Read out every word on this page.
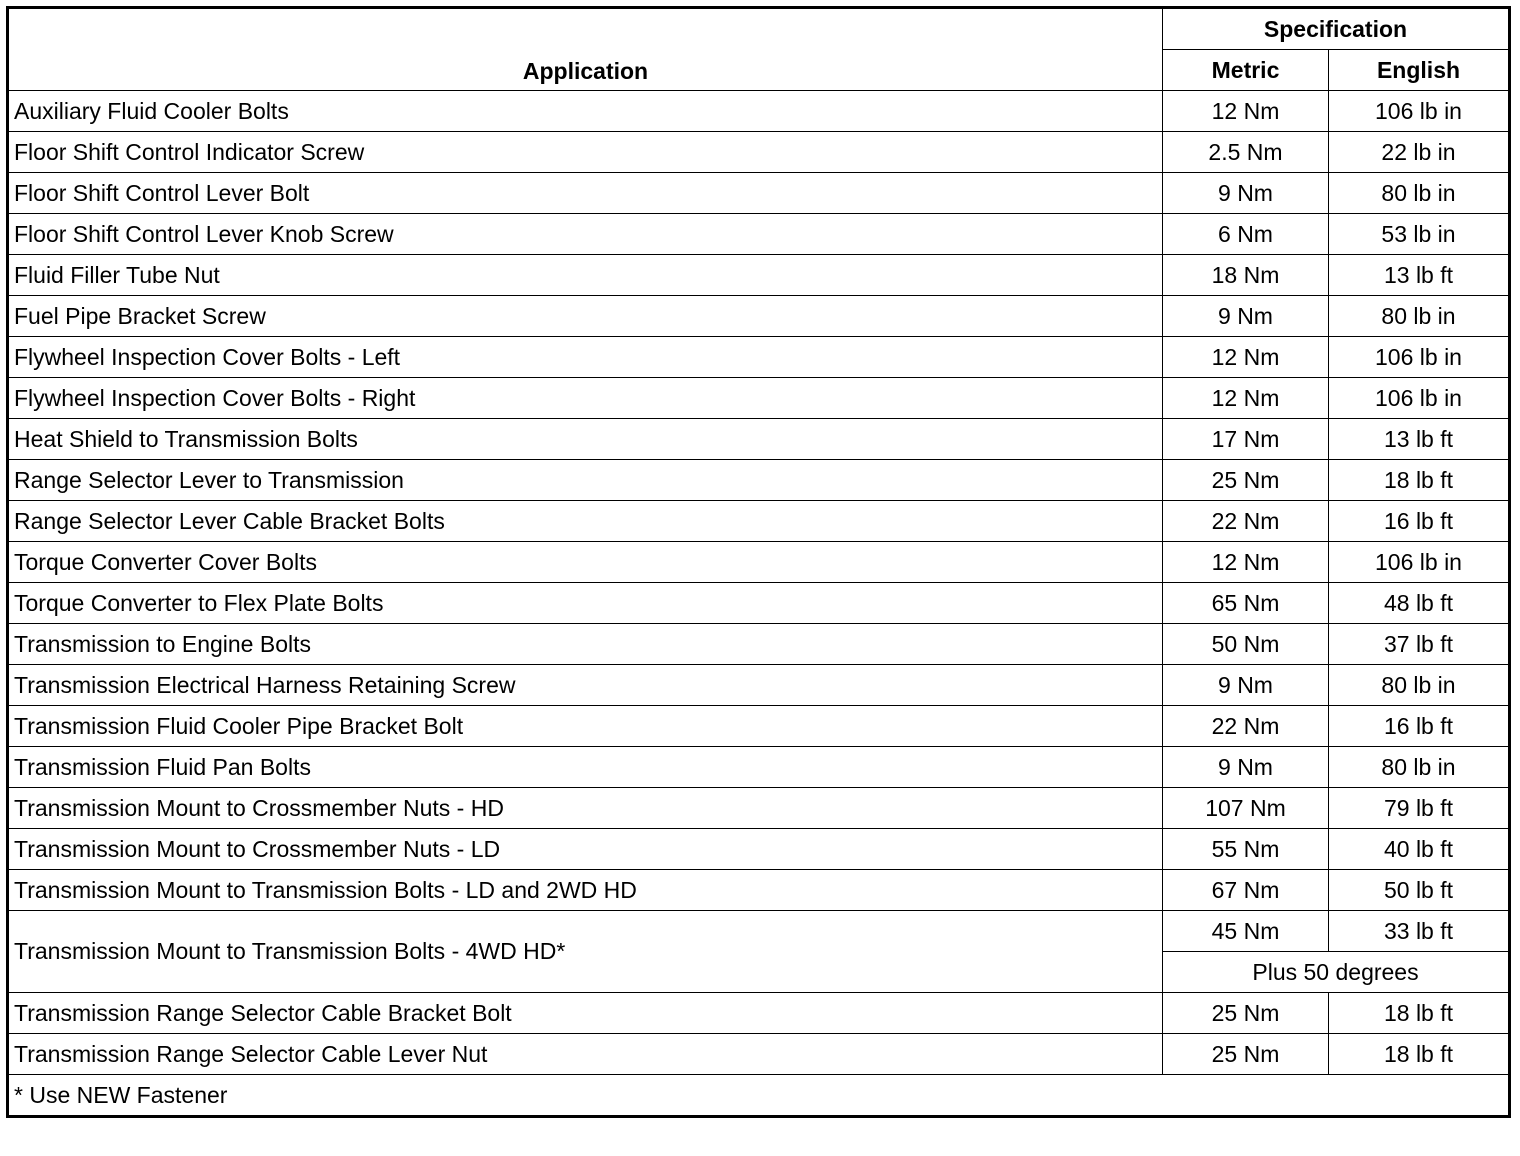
Application	Specification	
	Metric	English
Auxiliary Fluid Cooler Bolts	12 Nm	106 lb in
Floor Shift Control Indicator Screw	2.5 Nm	22 lb in
Floor Shift Control Lever Bolt	9 Nm	80 lb in
Floor Shift Control Lever Knob Screw	6 Nm	53 lb in
Fluid Filler Tube Nut	18 Nm	13 lb ft
Fuel Pipe Bracket Screw	9 Nm	80 lb in
Flywheel Inspection Cover Bolts - Left	12 Nm	106 lb in
Flywheel Inspection Cover Bolts - Right	12 Nm	106 lb in
Heat Shield to Transmission Bolts	17 Nm	13 lb ft
Range Selector Lever to Transmission	25 Nm	18 lb ft
Range Selector Lever Cable Bracket Bolts	22 Nm	16 lb ft
Torque Converter Cover Bolts	12 Nm	106 lb in
Torque Converter to Flex Plate Bolts	65 Nm	48 lb ft
Transmission to Engine Bolts	50 Nm	37 lb ft
Transmission Electrical Harness Retaining Screw	9 Nm	80 lb in
Transmission Fluid Cooler Pipe Bracket Bolt	22 Nm	16 lb ft
Transmission Fluid Pan Bolts	9 Nm	80 lb in
Transmission Mount to Crossmember Nuts - HD	107 Nm	79 lb ft
Transmission Mount to Crossmember Nuts - LD	55 Nm	40 lb ft
Transmission Mount to Transmission Bolts - LD and 2WD HD	67 Nm	50 lb ft
Transmission Mount to Transmission Bolts - 4WD HD*	45 Nm	33 lb ft
	Plus 50 degrees	
Transmission Range Selector Cable Bracket Bolt	25 Nm	18 lb ft
Transmission Range Selector Cable Lever Nut	25 Nm	18 lb ft
* Use NEW Fastener		
